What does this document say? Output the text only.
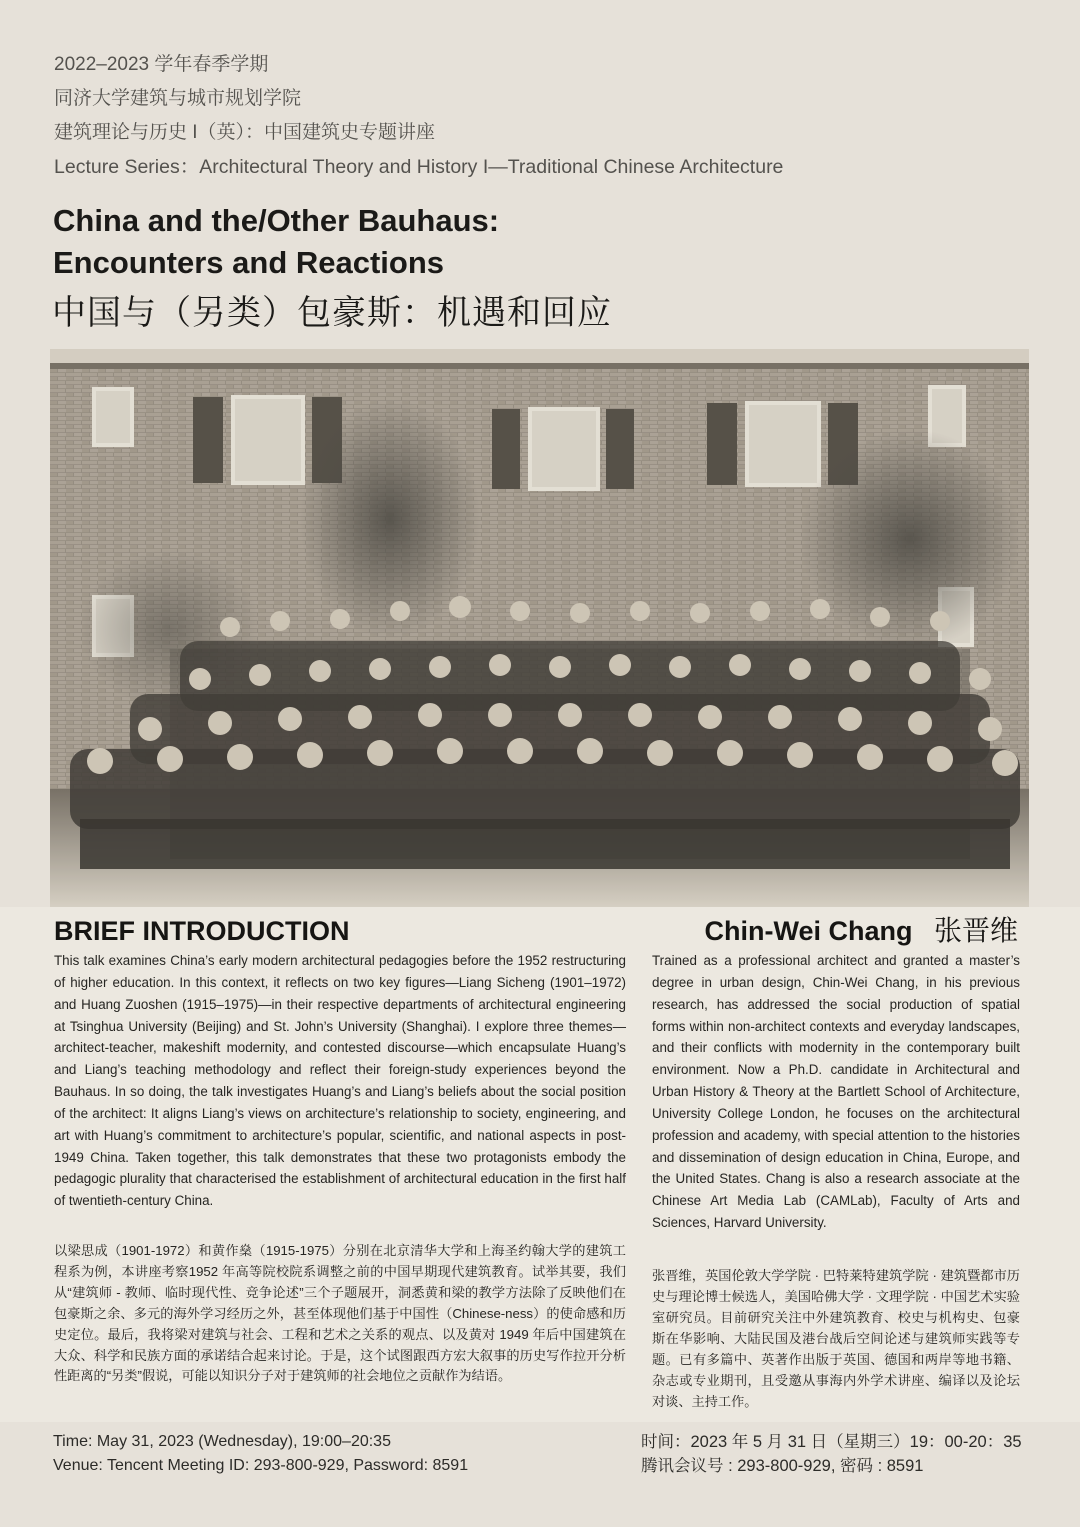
2022–2023 学年春季学期
同济大学建筑与城市规划学院
建筑理论与历史 I（英）：中国建筑史专题讲座
Lecture Series：Architectural Theory and History I—Traditional Chinese Architecture
China and the/Other Bauhaus:
Encounters and Reactions
中国与（另类）包豪斯：机遇和回应
BRIEF INTRODUCTION	Chin-Wei Chang 张晋维

This talk examines China’s early modern architectural pedagogies before the 1952 restructuring of higher education. In this context, it reflects on two key figures—Liang Sicheng (1901–1972) and Huang Zuoshen (1915–1975)—in their respective departments of architectural engineering at Tsinghua University (Beijing) and St. John’s University (Shanghai). I explore three themes—architect-teacher, makeshift modernity, and contested discourse—which encapsulate Huang’s and Liang’s teaching methodology and reflect their foreign-study experiences beyond the Bauhaus. In so doing, the talk investigates Huang’s and Liang’s beliefs about the social position of the architect: It aligns Liang’s views on architecture’s relationship to society, engineering, and art with Huang’s commitment to architecture’s popular, scientific, and national aspects in post-1949 China. Taken together, this talk demonstrates that these two protagonists embody the pedagogic plurality that characterised the establishment of architectural education in the first half of twentieth-century China.

以梁思成（1901-1972）和黄作燊（1915-1975）分别在北京清华大学和上海圣约翰大学的建筑工程系为例，本讲座考察1952 年高等院校院系调整之前的中国早期现代建筑教育。试举其要，我们从“建筑师 - 教师、临时现代性、竞争论述”三个子题展开，洞悉黄和梁的教学方法除了反映他们在包豪斯之余、多元的海外学习经历之外，甚至体现他们基于中国性（Chinese-ness）的使命感和历史定位。最后，我将梁对建筑与社会、工程和艺术之关系的观点、以及黄对 1949 年后中国建筑在大众、科学和民族方面的承诺结合起来讨论。于是，这个试图跟西方宏大叙事的历史写作拉开分析性距离的“另类”假说，可能以知识分子对于建筑师的社会地位之贡献作为结语。

Trained as a professional architect and granted a master’s degree in urban design, Chin-Wei Chang, in his previous research, has addressed the social production of spatial forms within non-architect contexts and everyday landscapes, and their conflicts with modernity in the contemporary built environment. Now a Ph.D. candidate in Architectural and Urban History & Theory at the Bartlett School of Architecture, University College London, he focuses on the architectural profession and academy, with special attention to the histories and dissemination of design education in China, Europe, and the United States. Chang is also a research associate at the Chinese Art Media Lab (CAMLab), Faculty of Arts and Sciences, Harvard University.

张晋维，英国伦敦大学学院 · 巴特莱特建筑学院 · 建筑暨都市历史与理论博士候选人，美国哈佛大学 · 文理学院 · 中国艺术实验室研究员。目前研究关注中外建筑教育、校史与机构史、包豪斯在华影响、大陆民国及港台战后空间论述与建筑师实践等专题。已有多篇中、英著作出版于英国、德国和两岸等地书籍、杂志或专业期刊，且受邀从事海内外学术讲座、编译以及论坛对谈、主持工作。

Time: May 31, 2023 (Wednesday), 19:00–20:35
Venue: Tencent Meeting ID: 293-800-929, Password: 8591
时间：2023 年 5 月 31 日（星期三）19：00-20：35
腾讯会议号 : 293-800-929, 密码 : 8591
